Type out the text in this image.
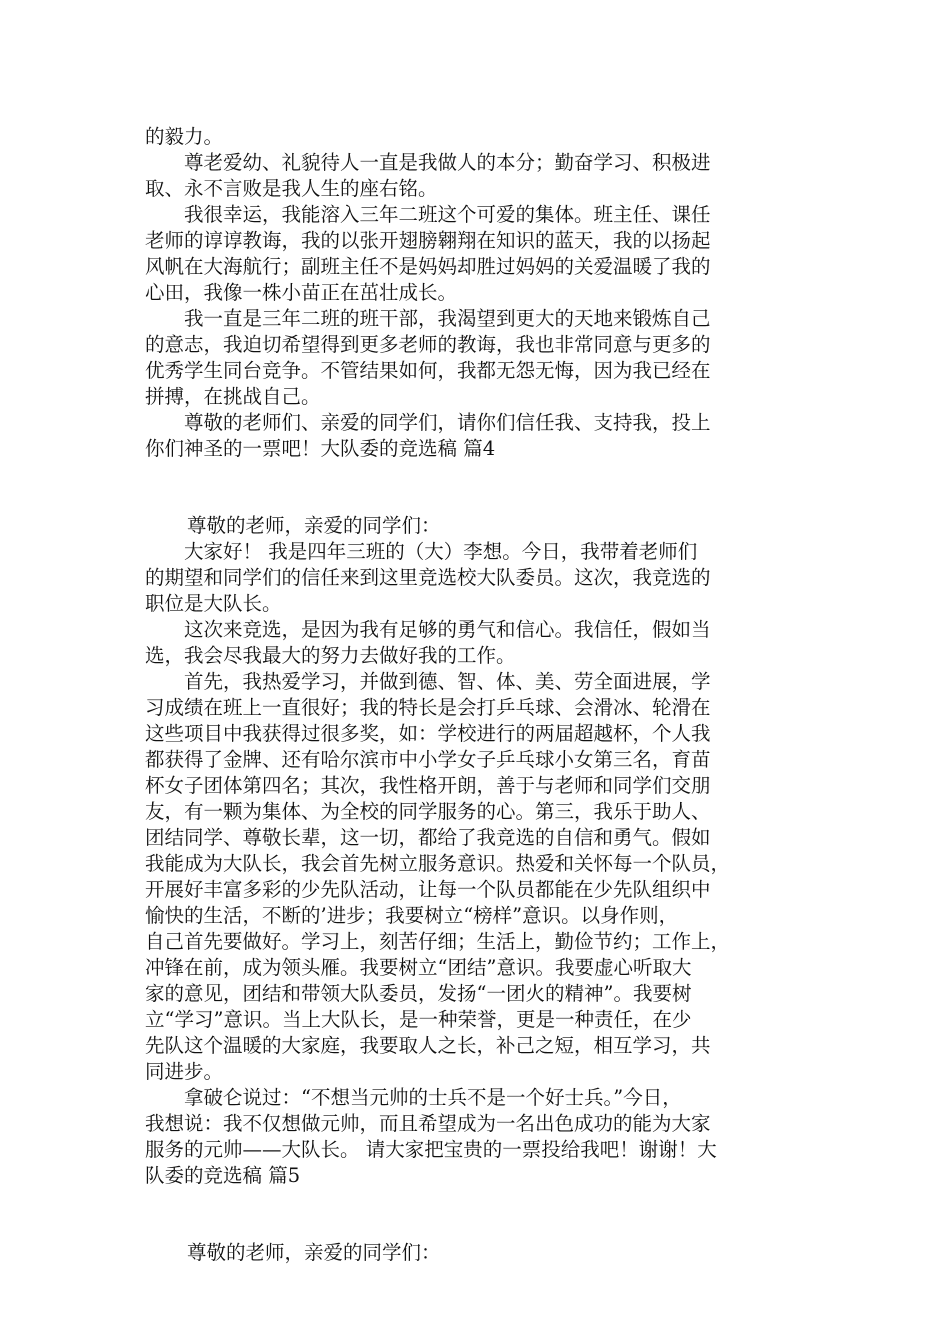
的毅力。
　　尊老爱幼、礼貌待人一直是我做人的本分；勤奋学习、积极进
取、永不言败是我人生的座右铭。
　　我很幸运，我能溶入三年二班这个可爱的集体。班主任、课任
老师的谆谆教诲，我的以张开翅膀翱翔在知识的蓝天，我的以扬起
风帆在大海航行；副班主任不是妈妈却胜过妈妈的关爱温暖了我的
心田，我像一株小苗正在茁壮成长。
　　我一直是三年二班的班干部，我渴望到更大的天地来锻炼自己
的意志，我迫切希望得到更多老师的教诲，我也非常同意与更多的
优秀学生同台竞争。不管结果如何，我都无怨无悔，因为我已经在
拼搏，在挑战自己。
　　尊敬的老师们、亲爱的同学们，请你们信任我、支持我，投上
你们神圣的一票吧！大队委的竞选稿 篇4
尊敬的老师，亲爱的同学们：
　　大家好！ 我是四年三班的（大）李想。今日，我带着老师们
的期望和同学们的信任来到这里竞选校大队委员。这次，我竞选的
职位是大队长。
　　这次来竞选，是因为我有足够的勇气和信心。我信任，假如当
选，我会尽我最大的努力去做好我的工作。
　　首先，我热爱学习，并做到德、智、体、美、劳全面进展，学
习成绩在班上一直很好；我的特长是会打乒乓球、会滑冰、轮滑在
这些项目中我获得过很多奖，如：学校进行的两届超越杯，个人我
都获得了金牌、还有哈尔滨市中小学女子乒乓球小女第三名，育苗
杯女子团体第四名；其次，我性格开朗，善于与老师和同学们交朋
友，有一颗为集体、为全校的同学服务的心。第三，我乐于助人、
团结同学、尊敬长辈，这一切，都给了我竞选的自信和勇气。假如
我能成为大队长，我会首先树立服务意识。热爱和关怀每一个队员，
开展好丰富多彩的少先队活动，让每一个队员都能在少先队组织中
愉快的生活，不断的’进步；我要树立“榜样”意识。以身作则，
自己首先要做好。学习上，刻苦仔细；生活上，勤俭节约；工作上，
冲锋在前，成为领头雁。我要树立“团结”意识。我要虚心听取大
家的意见，团结和带领大队委员，发扬“一团火的精神”。我要树
立“学习”意识。当上大队长，是一种荣誉，更是一种责任，在少
先队这个温暖的大家庭，我要取人之长，补己之短，相互学习，共
同进步。
　　拿破仑说过：“不想当元帅的士兵不是一个好士兵。”今日，
我想说：我不仅想做元帅，而且希望成为一名出色成功的能为大家
服务的元帅——大队长。 请大家把宝贵的一票投给我吧！谢谢！大
队委的竞选稿 篇5
尊敬的老师，亲爱的同学们：
